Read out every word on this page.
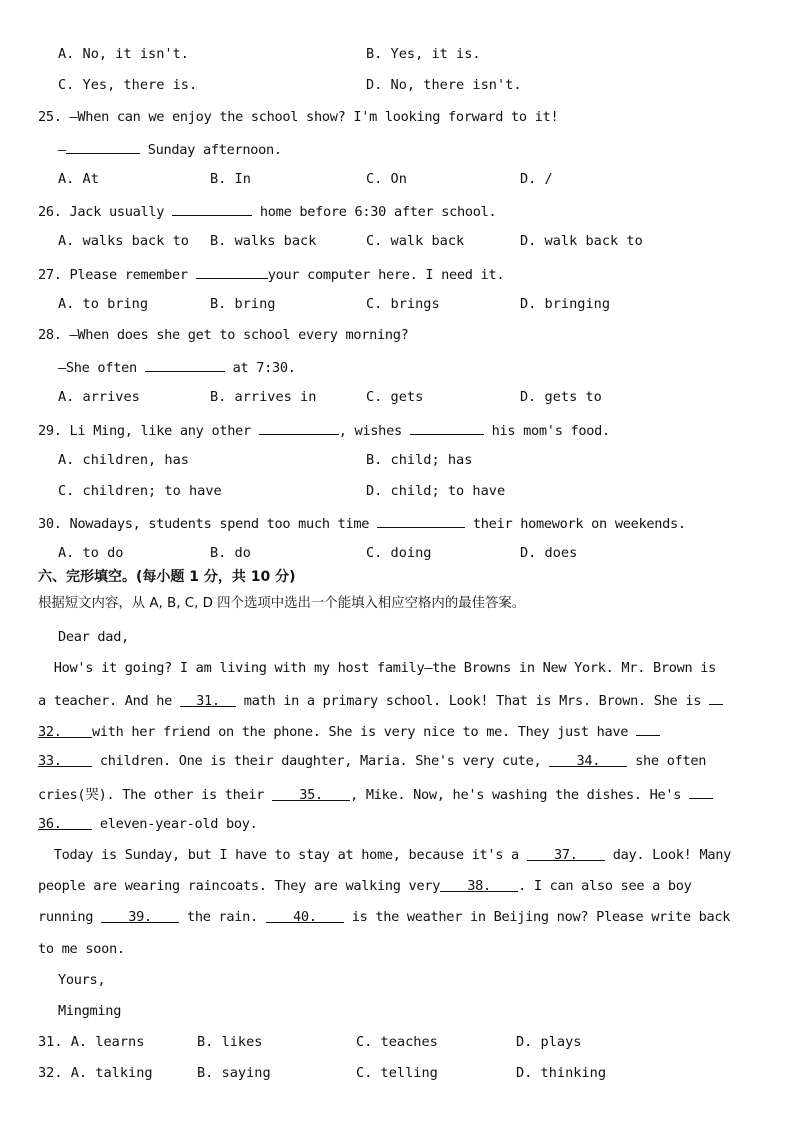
A. No, it isn't.	B. Yes, it is.
C. Yes, there is.	D. No, there isn't.
25. —When can we enjoy the school show? I'm looking forward to it!
—	Sunday afternoon.
A. At	B. In	C. On	D. /
26. Jack usually	home before 6:30 after school.
A. walks back to B. walks back	C. walk back	D. walk back to
27. Please remember	your computer here. I need it.
A. to bring	B. bring	C. brings	D. bringing
28. —When does she get to school every morning?
—She often	at 7:30.
A. arrives	B. arrives in	C. gets	D. gets to
29. Li Ming, like any other	, wishes	his mom's food.
A. children, has	B. child; has
C. children; to have	D. child; to have
30. Nowadays, students spend too much time	their homework on weekends.
A. to do	B. do	C. doing	D. does
六、完形填空。(每小题 1 分，共 10 分)
根据短文内容，从 A, B, C, D 四个选项中选出一个能填入相应空格内的最佳答案。
Dear dad,
How's it going? I am living with my host family—the Browns in New York. Mr. Brown is
a teacher. And he 31. math in a primary school. Look! That is Mrs. Brown. She is
32. with her friend on the phone. She is very nice to me. They just have
33. children. One is their daughter, Maria. She's very cute, 34. she often
cries(哭). The other is their 35. , Mike. Now, he's washing the dishes. He's
36. eleven-year-old boy.
Today is Sunday, but I have to stay at home, because it's a 37. day. Look! Many
people are wearing raincoats. They are walking very 38. . I can also see a boy
running 39. the rain. 40. is the weather in Beijing now? Please write back
to me soon.
Yours,
Mingming
31. A. learns	B. likes	C. teaches	D. plays
32. A. talking	B. saying	C. telling	D. thinking
